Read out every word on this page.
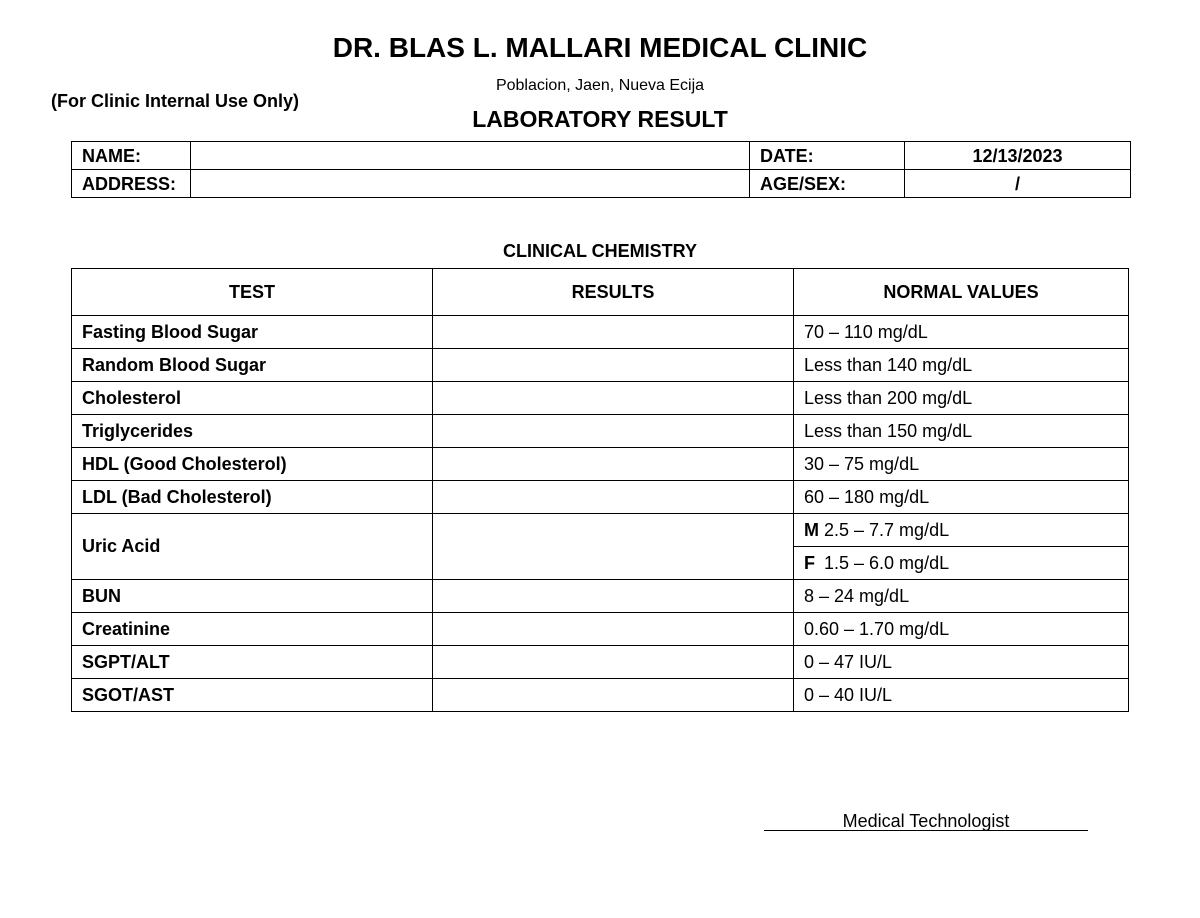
DR. BLAS L. MALLARI MEDICAL CLINIC
Poblacion, Jaen, Nueva Ecija
(For Clinic Internal Use Only)
LABORATORY RESULT
NAME:		DATE:	12/13/2023
ADDRESS:		AGE/SEX:	/
CLINICAL CHEMISTRY
TEST	RESULTS	NORMAL VALUES
Fasting Blood Sugar		70 – 110 mg/dL
Random Blood Sugar		Less than 140 mg/dL
Cholesterol		Less than 200 mg/dL
Triglycerides		Less than 150 mg/dL
HDL (Good Cholesterol)		30 – 75 mg/dL
LDL (Bad Cholesterol)		60 – 180 mg/dL
Uric Acid		M 2.5 – 7.7 mg/dL
		F 1.5 – 6.0 mg/dL
BUN		8 – 24 mg/dL
Creatinine		0.60 – 1.70 mg/dL
SGPT/ALT		0 – 47 IU/L
SGOT/AST		0 – 40 IU/L
Medical Technologist
